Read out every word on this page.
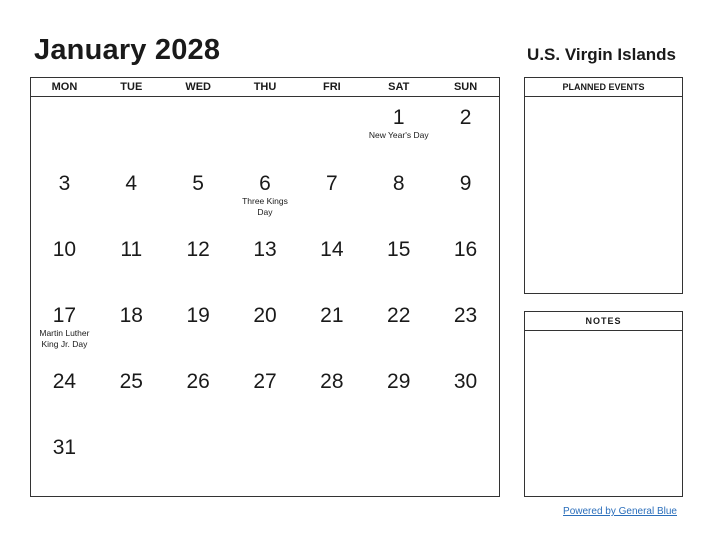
January 2028	U.S. Virgin Islands
MON	TUE	WED	THU	FRI	SAT	SUN
1
New Year's Day
2
3	4	5	6
Three Kings Day
7	8	9
10	11	12	13	14	15	16
17
Martin Luther King Jr. Day
18	19	20	21	22	23
24	25	26	27	28	29	30
31
PLANNED EVENTS
NOTES
Powered by General Blue
